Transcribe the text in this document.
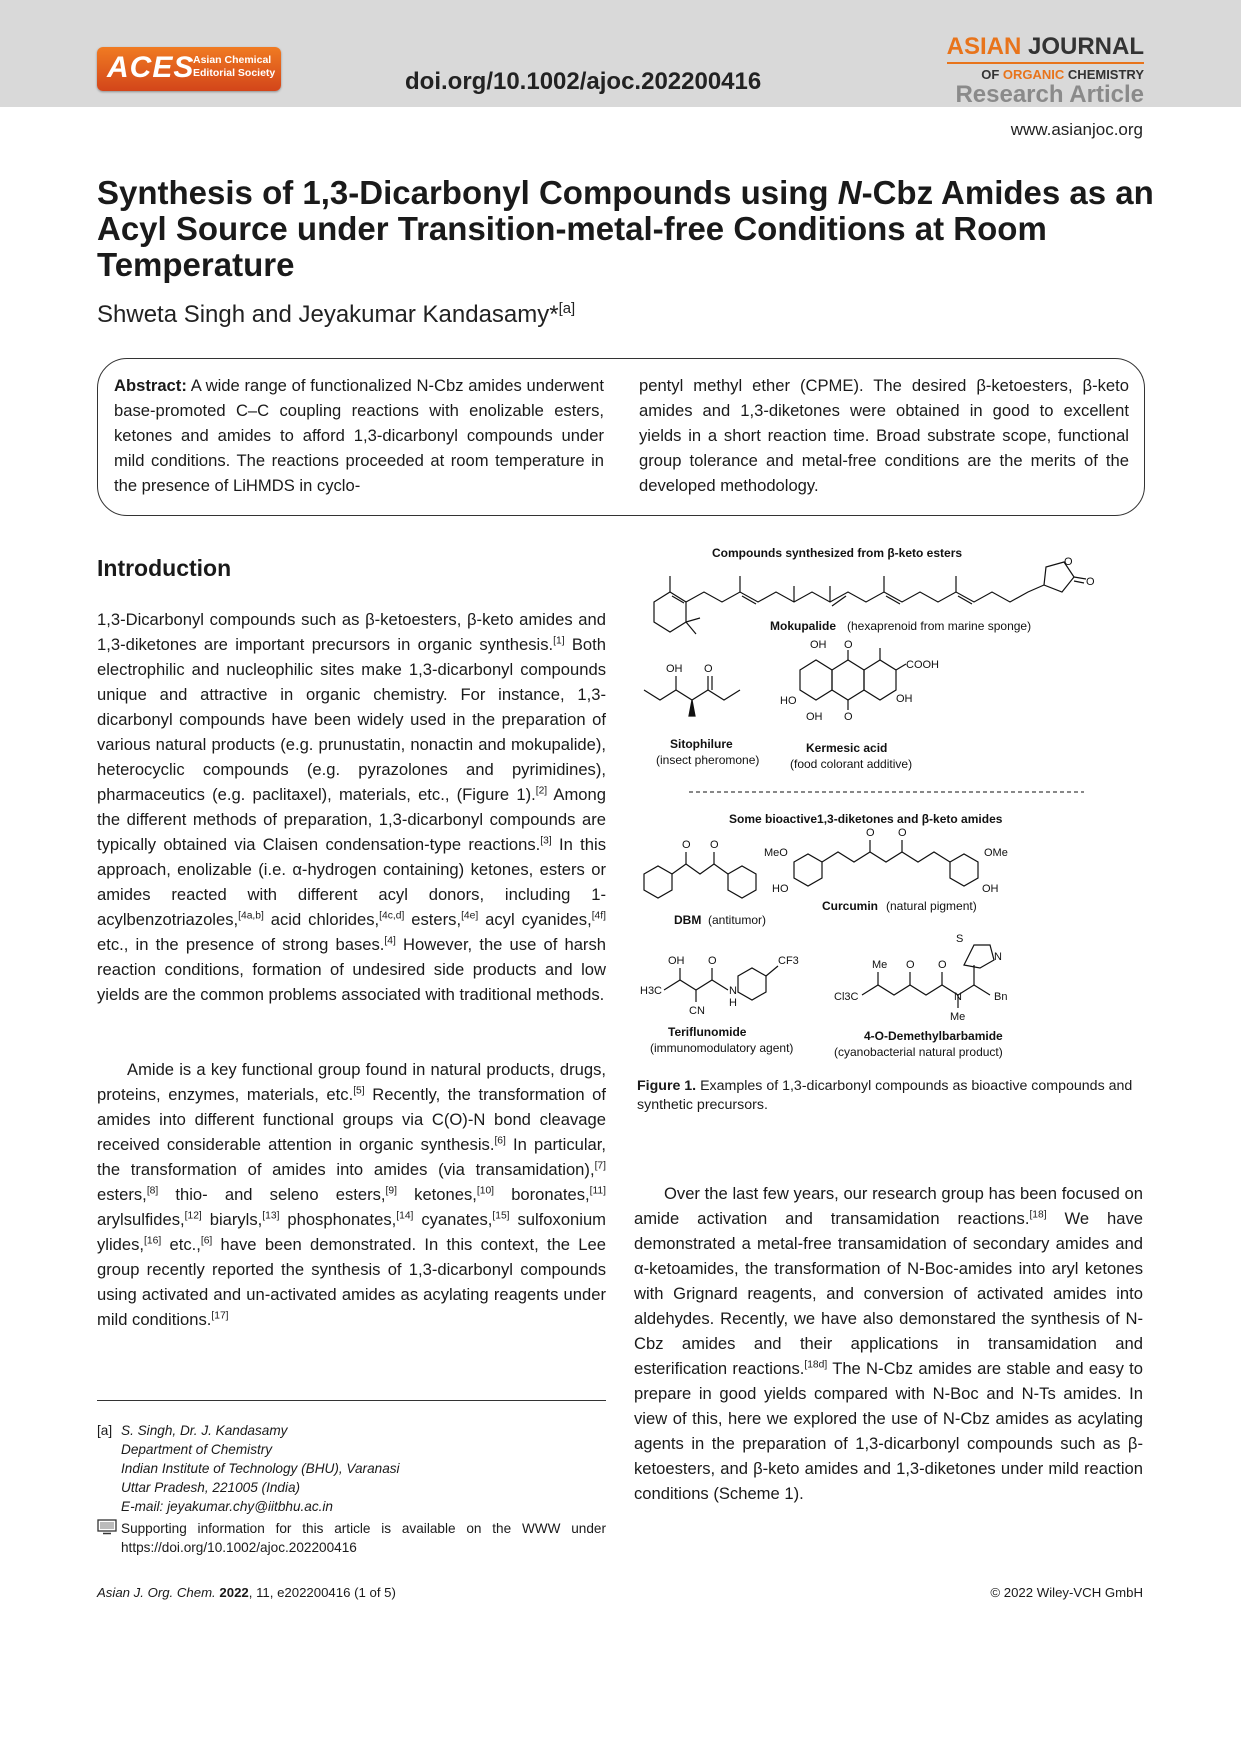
ACES
Asian Chemical
Editorial Society	doi.org/10.1002/ajoc.202200416
ASIAN JOURNAL
OF ORGANIC CHEMISTRY
Research Article
www.asianjoc.org
Synthesis of 1,3-Dicarbonyl Compounds using N-Cbz Amides as an Acyl Source under Transition-metal-free Conditions at Room Temperature
Shweta Singh and Jeyakumar Kandasamy*[a]
Abstract: A wide range of functionalized N-Cbz amides underwent base-promoted C–C coupling reactions with enolizable esters, ketones and amides to afford 1,3-dicarbonyl compounds under mild conditions. The reactions proceeded at room temperature in the presence of LiHMDS in cyclo-
pentyl methyl ether (CPME). The desired β-ketoesters, β-keto amides and 1,3-diketones were obtained in good to excellent yields in a short reaction time. Broad substrate scope, functional group tolerance and metal-free conditions are the merits of the developed methodology.
Introduction
1,3-Dicarbonyl compounds such as β-ketoesters, β-keto amides and 1,3-diketones are important precursors in organic synthesis.[1] Both electrophilic and nucleophilic sites make 1,3-dicarbonyl compounds unique and attractive in organic chemistry. For instance, 1,3-dicarbonyl compounds have been widely used in the preparation of various natural products (e.g. prunustatin, nonactin and mokupalide), heterocyclic compounds (e.g. pyrazolones and pyrimidines), pharmaceutics (e.g. paclitaxel), materials, etc., (Figure 1).[2] Among the different methods of preparation, 1,3-dicarbonyl compounds are typically obtained via Claisen condensation-type reactions.[3] In this approach, enolizable (i.e. α-hydrogen containing) ketones, esters or amides reacted with different acyl donors, including 1-acylbenzotriazoles,[4a,b] acid chlorides,[4c,d] esters,[4e] acyl cyanides,[4f] etc., in the presence of strong bases.[4] However, the use of harsh reaction conditions, formation of undesired side products and low yields are the common problems associated with traditional methods.
Amide is a key functional group found in natural products, drugs, proteins, enzymes, materials, etc.[5] Recently, the transformation of amides into different functional groups via C(O)-N bond cleavage received considerable attention in organic synthesis.[6] In particular, the transformation of amides into amides (via transamidation),[7] esters,[8] thio- and seleno esters,[9] ketones,[10] boronates,[11] arylsulfides,[12] biaryls,[13] phosphonates,[14] cyanates,[15] sulfoxonium ylides,[16] etc.,[6] have been demonstrated. In this context, the Lee group recently reported the synthesis of 1,3-dicarbonyl compounds using activated and un-activated amides as acylating reagents under mild conditions.[17]
Over the last few years, our research group has been focused on amide activation and transamidation reactions.[18] We have demonstrated a metal-free transamidation of secondary amides and α-ketoamides, the transformation of N-Boc-amides into aryl ketones with Grignard reagents, and conversion of activated amides into aldehydes. Recently, we have also demonstared the synthesis of N-Cbz amides and their applications in transamidation and esterification reactions.[18d] The N-Cbz amides are stable and easy to prepare in good yields compared with N-Boc and N-Ts amides. In view of this, here we explored the use of N-Cbz amides as acylating agents in the preparation of 1,3-dicarbonyl compounds such as β-ketoesters, and β-keto amides and 1,3-diketones under mild reaction conditions (Scheme 1).
Compounds synthesized from β-keto esters
Some bioactive1,3-diketones and β-keto amides
O
O
Mokupalide (hexaprenoid from marine sponge)
OH O
Sitophilure
(insect pheromone)
OH O
COOH
OH
HO
OH O
Kermesic acid
(food colorant additive)
O O
DBM (antitumor)
O O
MeO
HO
OMe
OH
Curcumin (natural pigment)
OH O	CF3
H3C
CN
N
H
Teriflunomide
(immunomodulatory agent)
Me O O
Cl3C	N
Me
S
N
Bn
4-O-Demethylbarbamide
(cyanobacterial natural product)
Figure 1. Examples of 1,3-dicarbonyl compounds as bioactive compounds and synthetic precursors.
[a] S. Singh, Dr. J. Kandasamy
Department of Chemistry
Indian Institute of Technology (BHU), Varanasi
Uttar Pradesh, 221005 (India)
E-mail: jeyakumar.chy@iitbhu.ac.in
Supporting information for this article is available on the WWW under https://doi.org/10.1002/ajoc.202200416
Asian J. Org. Chem. 2022, 11, e202200416 (1 of 5)	© 2022 Wiley-VCH GmbH
